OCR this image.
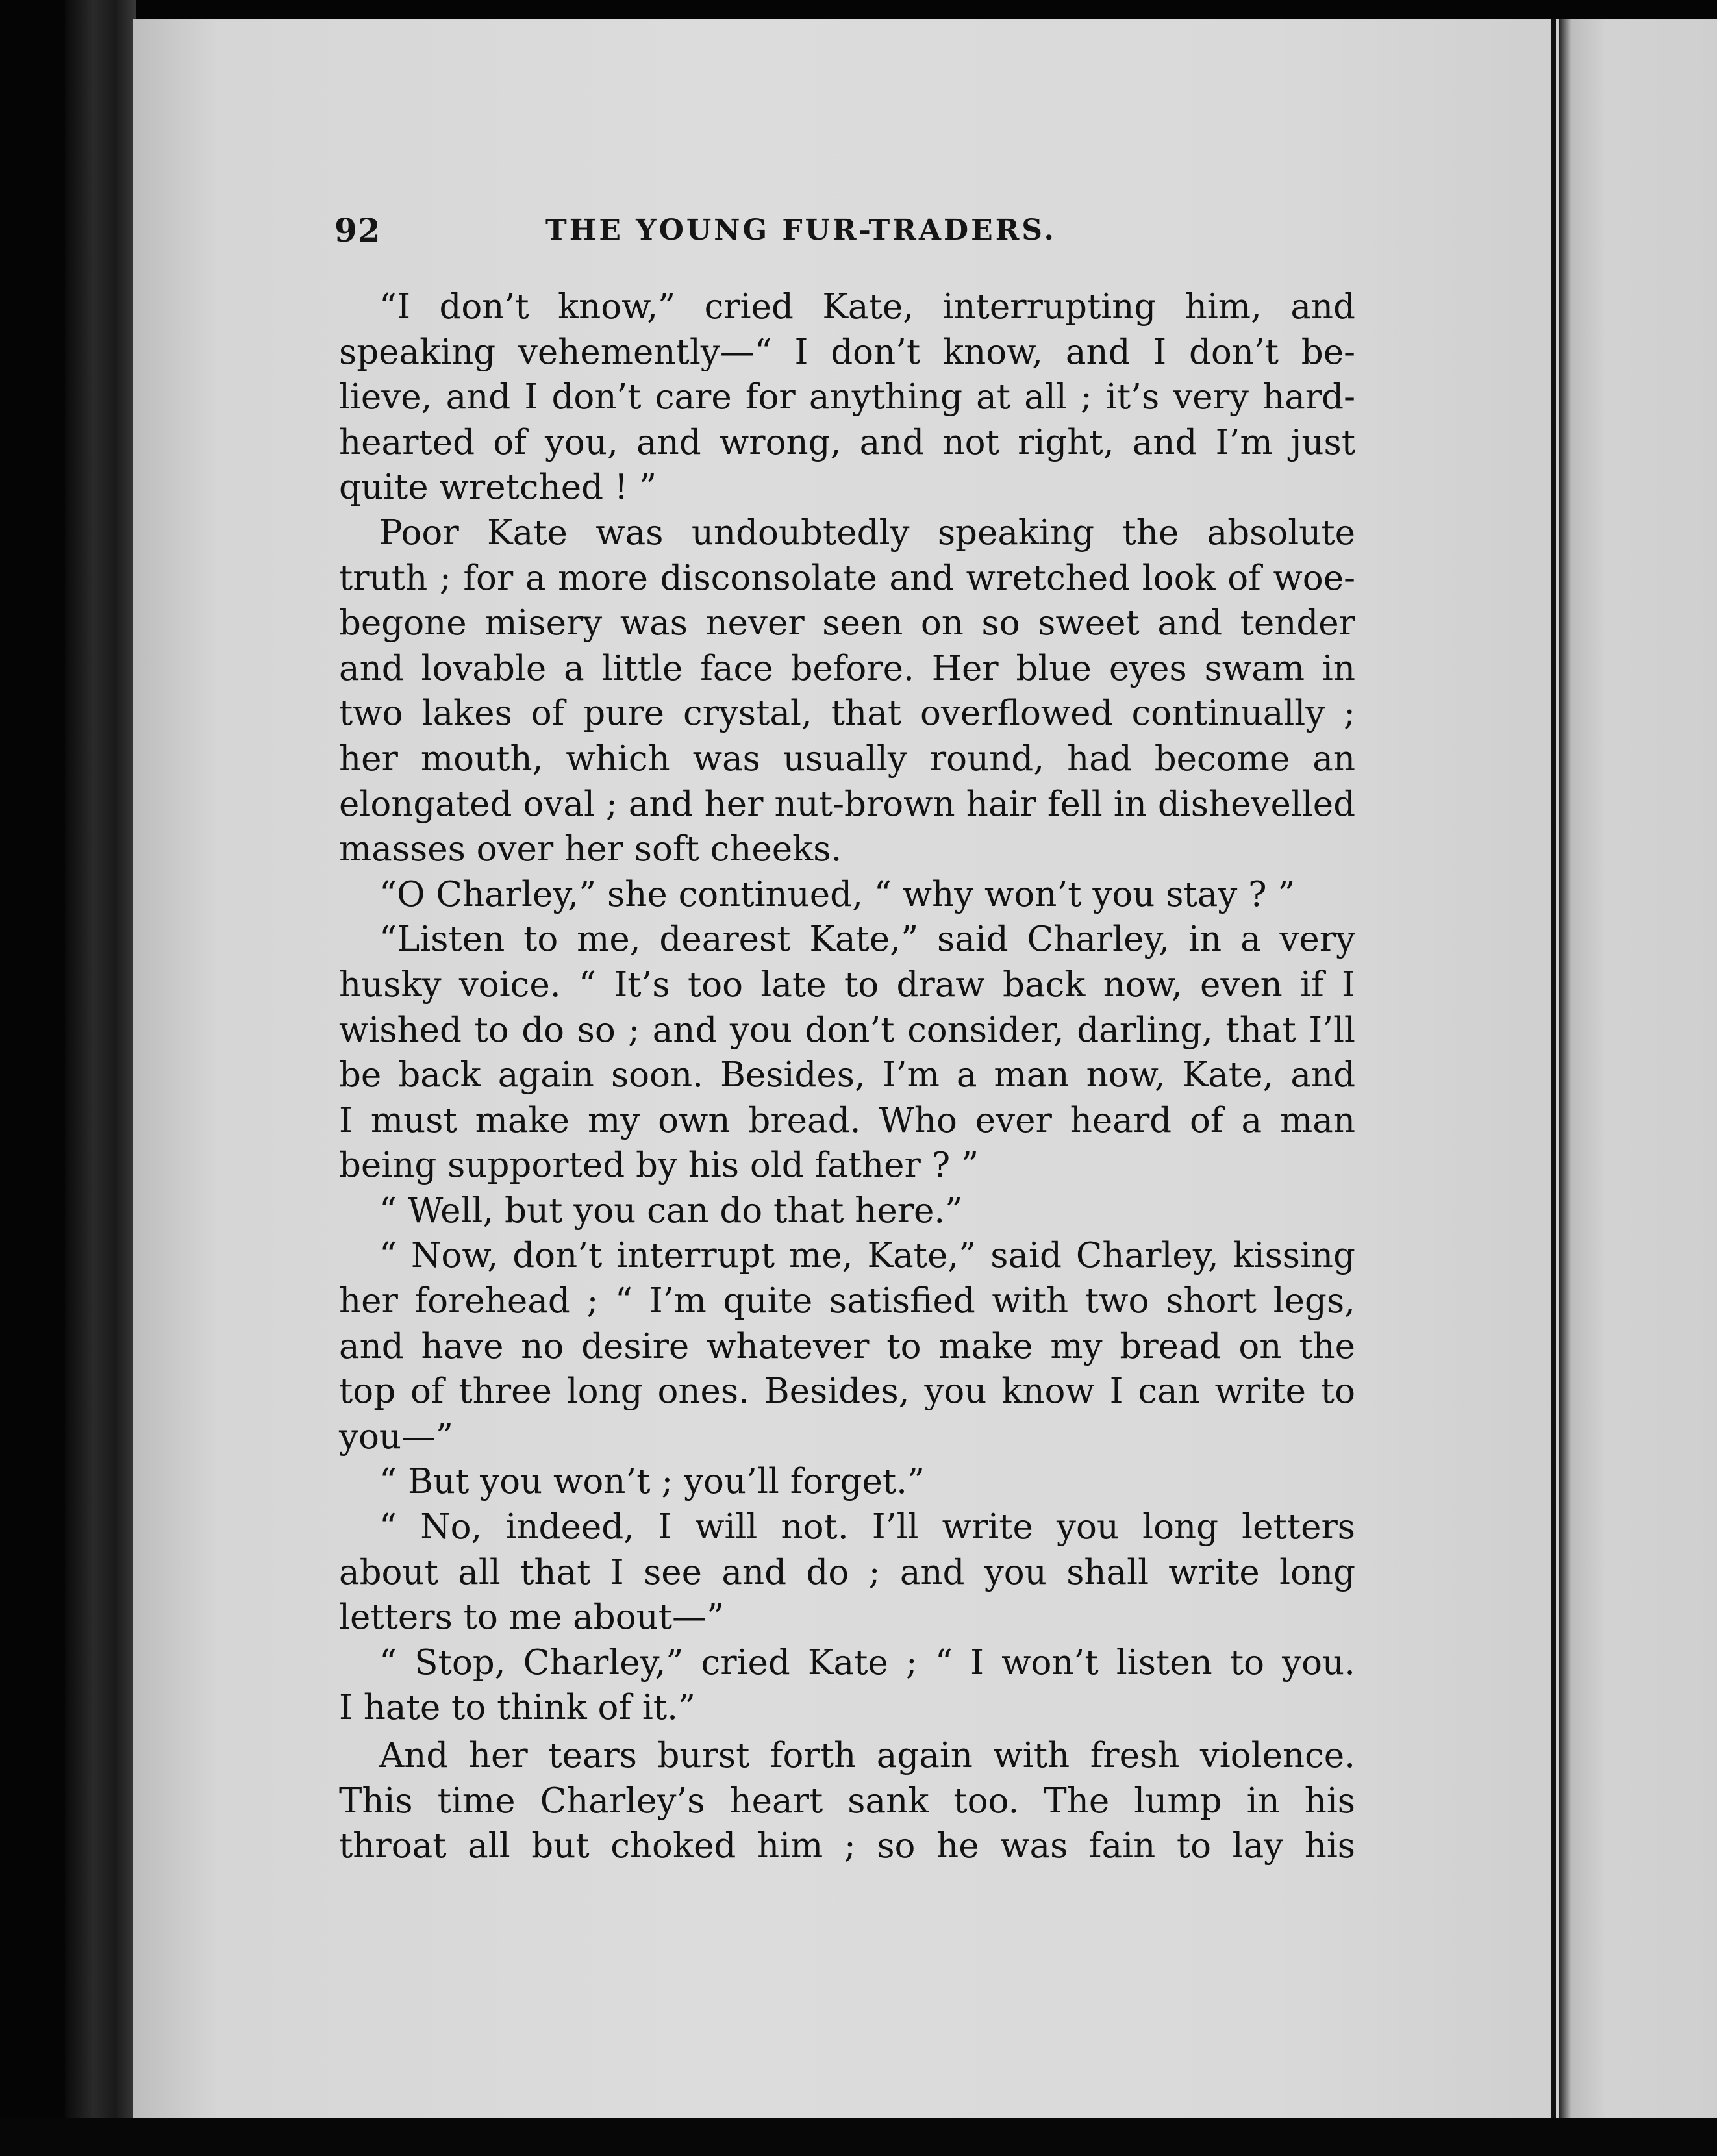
92	THE YOUNG FUR-TRADERS.
“I don’t know,” cried Kate, interrupting him, and
speaking vehemently—“ I don’t know, and I don’t be-
lieve, and I don’t care for anything at all ; it’s very hard-
hearted of you, and wrong, and not right, and I’m just
quite wretched ! ”
Poor Kate was undoubtedly speaking the absolute
truth ; for a more disconsolate and wretched look of woe-
begone misery was never seen on so sweet and tender
and lovable a little face before. Her blue eyes swam in
two lakes of pure crystal, that overflowed continually ;
her mouth, which was usually round, had become an
elongated oval ; and her nut-brown hair fell in dishevelled
masses over her soft cheeks.
“O Charley,” she continued, “ why won’t you stay ? ”
“Listen to me, dearest Kate,” said Charley, in a very
husky voice. “ It’s too late to draw back now, even if I
wished to do so ; and you don’t consider, darling, that I’ll
be back again soon. Besides, I’m a man now, Kate, and
I must make my own bread. Who ever heard of a man
being supported by his old father ? ”
“ Well, but you can do that here.”
“ Now, don’t interrupt me, Kate,” said Charley, kissing
her forehead ; “ I’m quite satisfied with two short legs,
and have no desire whatever to make my bread on the
top of three long ones. Besides, you know I can write to
you—”
“ But you won’t ; you’ll forget.”
“ No, indeed, I will not. I’ll write you long letters
about all that I see and do ; and you shall write long
letters to me about—”
“ Stop, Charley,” cried Kate ; “ I won’t listen to you.
I hate to think of it.”
And her tears burst forth again with fresh violence.
This time Charley’s heart sank too. The lump in his
throat all but choked him ; so he was fain to lay his
